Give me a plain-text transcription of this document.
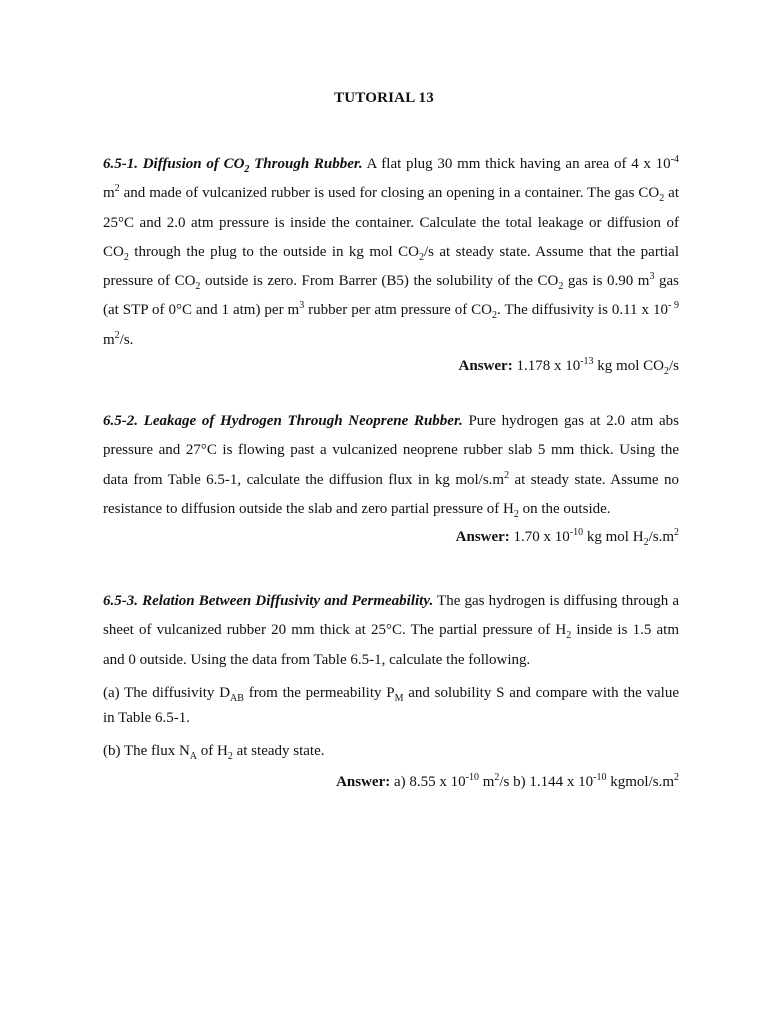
TUTORIAL 13

6.5-1. Diffusion of $CO_2$ Through Rubber. A flat plug 30 mm thick having an area of 4 x $10^{-4}$ $m^2$ and made of vulcanized rubber is used for closing an opening in a container. The gas $CO_2$ at 25°C and 2.0 atm pressure is inside the container. Calculate the total leakage or diffusion of $CO_2$ through the plug to the outside in kg mol $CO_2/s$ at steady state. Assume that the partial pressure of $CO_2$ outside is zero. From Barrer (B5) the solubility of the $CO_2$ gas is 0.90 $m^3$ gas (at STP of 0°C and 1 atm) per $m^3$ rubber per atm pressure of $CO_2$. The diffusivity is 0.11 x $10^{- 9}$ $m^2/s$.

Answer: 1.178 x $10^{-13}$ kg mol $CO_2/s$

6.5-2. Leakage of Hydrogen Through Neoprene Rubber. Pure hydrogen gas at 2.0 atm abs pressure and 27°C is flowing past a vulcanized neoprene rubber slab 5 mm thick. Using the data from Table 6.5-1, calculate the diffusion flux in kg mol/$s.m^2$ at steady state. Assume no resistance to diffusion outside the slab and zero partial pressure of $H_2$ on the outside.

Answer: 1.70 x $10^{-10}$ kg mol $H_2/s.m^2$

6.5-3. Relation Between Diffusivity and Permeability. The gas hydrogen is diffusing through a sheet of vulcanized rubber 20 mm thick at 25°C. The partial pressure of $H_2$ inside is 1.5 atm and 0 outside. Using the data from Table 6.5-1, calculate the following.

(a) The diffusivity $D_{AB}$ from the permeability $P_M$ and solubility S and compare with the value in Table 6.5-1.

(b) The flux $N_A$ of $H_2$ at steady state.

Answer: a) 8.55 x $10^{-10}$ $m^2/s$ b) 1.144 x $10^{-10}$ kgmol/$s.m^2$
